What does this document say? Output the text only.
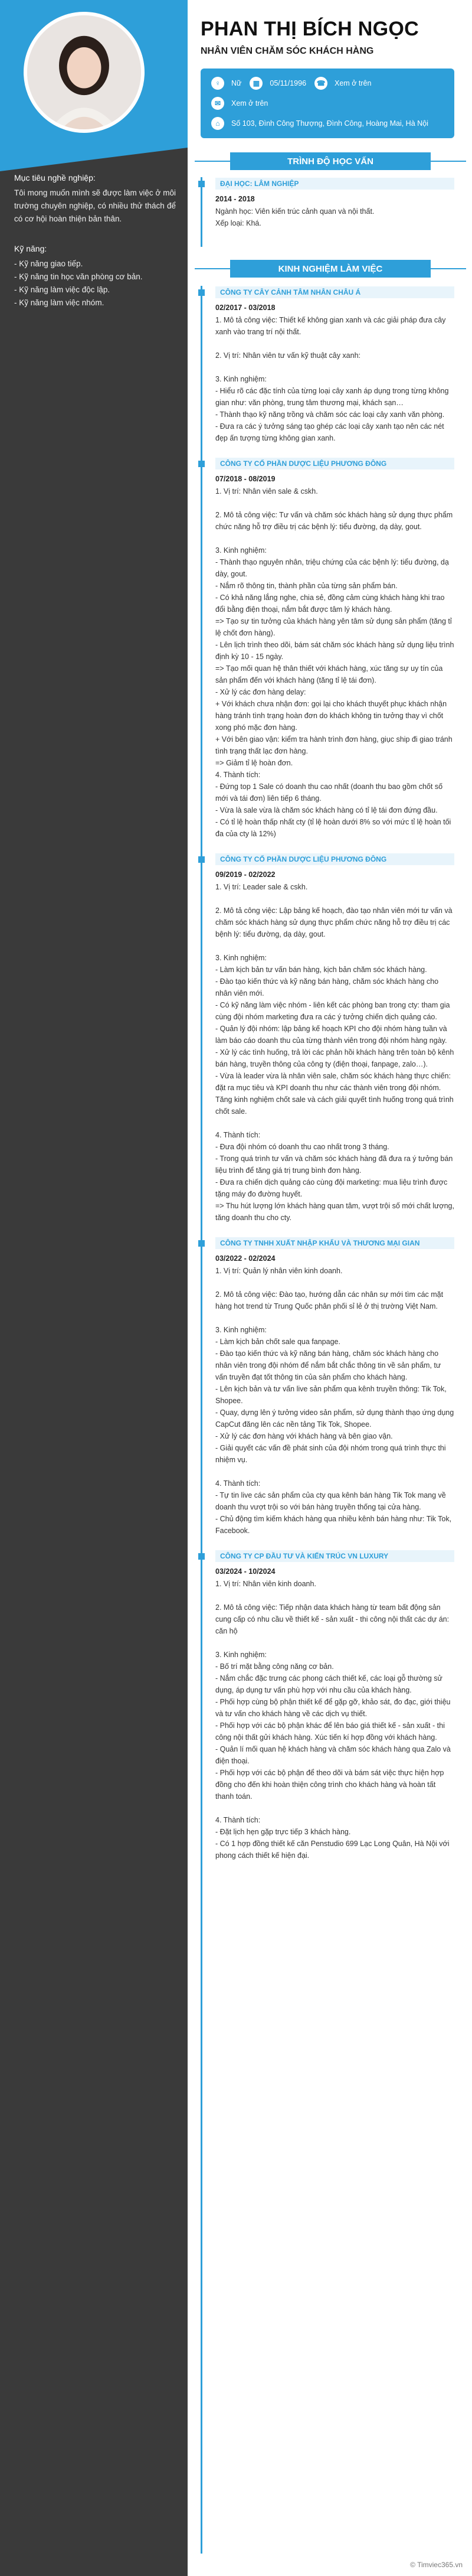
Mục tiêu nghề nghiệp:
Tôi mong muốn mình sẽ được làm việc ở môi trường chuyên nghiệp, có nhiều thử thách để có cơ hội hoàn thiện bản thân.
Kỹ năng:
- Kỹ năng giao tiếp.
- Kỹ năng tin học văn phòng cơ bản.
- Kỹ năng làm việc độc lập.
- Kỹ năng làm việc nhóm.
PHAN THỊ BÍCH NGỌC
NHÂN VIÊN CHĂM SÓC KHÁCH HÀNG
♀	Nữ	▦	05/11/1996 ☎ Xem ở trên
✉	Xem ở trên
⌂	Số 103, Đình Công Thượng, Đình Công, Hoàng Mai, Hà Nội
TRÌNH ĐỘ HỌC VẤN
ĐẠI HỌC: LÂM NGHIỆP
2014 - 2018
Ngành học: Viên kiến trúc cảnh quan và nội thất.
Xếp loại: Khá.
KINH NGHIỆM LÀM VIỆC
CÔNG TY CÂY CẢNH TÂM NHÂN CHÂU Á
02/2017 - 03/2018
1. Mô tả công việc: Thiết kế không gian xanh và các giải pháp đưa cây xanh vào trang trí nội thất.

2. Vị trí: Nhân viên tư vấn kỹ thuật cây xanh:

3. Kinh nghiệm:
- Hiểu rõ các đặc tính của từng loại cây xanh áp dụng trong từng không gian như: văn phòng, trung tâm thương mại, khách sạn…
- Thành thạo kỹ năng trồng và chăm sóc các loại cây xanh văn phòng.
- Đưa ra các ý tưởng sáng tạo ghép các loại cây xanh tạo nên các nét đẹp ấn tượng từng không gian xanh.
CÔNG TY CỔ PHẦN DƯỢC LIỆU PHƯƠNG ĐÔNG
07/2018 - 08/2019
1. Vị trí: Nhân viên sale & cskh.

2. Mô tả công việc: Tư vấn và chăm sóc khách hàng sử dụng thực phẩm chức năng hỗ trợ điều trị các bệnh lý: tiểu đường, dạ dày, gout.

3. Kinh nghiệm:
- Thành thạo nguyên nhân, triệu chứng của các bệnh lý: tiểu đường, dạ dày, gout.
- Nắm rõ thông tin, thành phần của từng sản phẩm bán.
- Có khả năng lắng nghe, chia sẻ, đồng cảm cùng khách hàng khi trao đổi bằng điện thoại, nắm bắt được tâm lý khách hàng.
=> Tạo sự tin tưởng của khách hàng yên tâm sử dụng sản phẩm (tăng tỉ lệ chốt đơn hàng).
- Lên lịch trình theo dõi, bám sát chăm sóc khách hàng sử dụng liệu trình định kỳ 10 - 15 ngày.
=> Tạo mối quan hệ thân thiết với khách hàng, xúc tăng sự uy tín của sản phẩm đến với khách hàng (tăng tỉ lệ tái đơn).
- Xử lý các đơn hàng delay:
+ Với khách chưa nhận đơn: gọi lại cho khách thuyết phục khách nhận hàng tránh tình trạng hoàn đơn do khách không tin tưởng thay vì chốt xong phó mặc đơn hàng.
+ Với bên giao vận: kiểm tra hành trình đơn hàng, giục ship đi giao tránh tình trạng thất lạc đơn hàng.
=> Giảm tỉ lệ hoàn đơn.
4. Thành tích:
- Đứng top 1 Sale có doanh thu cao nhất (doanh thu bao gồm chốt số mới và tái đơn) liên tiếp 6 tháng.
- Vừa là sale vừa là chăm sóc khách hàng có tỉ lệ tái đơn đứng đầu.
- Có tỉ lệ hoàn thấp nhất cty (tỉ lệ hoàn dưới 8% so với mức tỉ lệ hoàn tối đa của cty là 12%)
CÔNG TY CỔ PHẦN DƯỢC LIỆU PHƯƠNG ĐÔNG
09/2019 - 02/2022
1. Vị trí: Leader sale & cskh.

2. Mô tả công việc: Lập bảng kế hoạch, đào tạo nhân viên mới tư vấn và chăm sóc khách hàng sử dụng thực phẩm chức năng hỗ trợ điều trị các bệnh lý: tiểu đường, dạ dày, gout.

3. Kinh nghiệm:
- Làm kịch bản tư vấn bán hàng, kịch bản chăm sóc khách hàng.
- Đào tạo kiến thức và kỹ năng bán hàng, chăm sóc khách hàng cho nhân viên mới.
- Có kỹ năng làm việc nhóm - liên kết các phòng ban trong cty: tham gia cùng đội nhóm marketing đưa ra các ý tưởng chiến dịch quảng cáo.
- Quản lý đội nhóm: lập bảng kế hoạch KPI cho đội nhóm hàng tuần và làm báo cáo doanh thu của từng thành viên trong đội nhóm hàng ngày.
- Xử lý các tình huống, trả lời các phản hồi khách hàng trên toàn bộ kênh bán hàng, truyền thông của công ty (điện thoại, fanpage, zalo…).
- Vừa là leader vừa là nhân viên sale, chăm sóc khách hàng thực chiến: đặt ra mục tiêu và KPI doanh thu như các thành viên trong đội nhóm. Tăng kinh nghiệm chốt sale và cách giải quyết tình huống trong quá trình chốt sale.

4. Thành tích:
- Đưa đội nhóm có doanh thu cao nhất trong 3 tháng.
- Trong quá trình tư vấn và chăm sóc khách hàng đã đưa ra ý tưởng bán liệu trình để tăng giá trị trung bình đơn hàng.
- Đưa ra chiến dịch quảng cáo cùng đội marketing: mua liệu trình được tặng máy đo đường huyết.
=> Thu hút lượng lớn khách hàng quan tâm, vượt trội số mới chất lượng, tăng doanh thu cho cty.
CÔNG TY TNHH XUẤT NHẬP KHẨU VÀ THƯƠNG MẠI GIAN
03/2022 - 02/2024
1. Vị trí: Quản lý nhân viên kinh doanh.

2. Mô tả công việc: Đào tạo, hướng dẫn các nhân sự mới tìm các mặt hàng hot trend từ Trung Quốc phân phối sỉ lẻ ở thị trường Việt Nam.

3. Kinh nghiệm:
- Làm kịch bản chốt sale qua fanpage.
- Đào tạo kiến thức và kỹ năng bán hàng, chăm sóc khách hàng cho nhân viên trong đội nhóm để nắm bắt chắc thông tin về sản phẩm, tư vấn truyền đạt tốt thông tin của sản phẩm cho khách hàng.
- Lên kịch bản và tư vấn live sản phẩm qua kênh truyền thông: Tik Tok, Shopee.
- Quay, dựng lên ý tưởng video sản phẩm, sử dụng thành thạo ứng dụng CapCut đăng lên các nền tảng Tik Tok, Shopee.
- Xử lý các đơn hàng với khách hàng và bên giao vận.
- Giải quyết các vấn đề phát sinh của đội nhóm trong quá trình thực thi nhiệm vụ.

4. Thành tích:
- Tự tin live các sản phẩm của cty qua kênh bán hàng Tik Tok mang về doanh thu vượt trội so với bán hàng truyền thống tại cửa hàng.
- Chủ động tìm kiếm khách hàng qua nhiều kênh bán hàng như: Tik Tok, Facebook.
CÔNG TY CP ĐẦU TƯ VÀ KIẾN TRÚC VN LUXURY
03/2024 - 10/2024
1. Vị trí: Nhân viên kinh doanh.

2. Mô tả công việc: Tiếp nhận data khách hàng từ team bất động sản cung cấp có nhu cầu về thiết kế - sản xuất - thi công nội thất các dự án: căn hộ

3. Kinh nghiệm:
- Bố trí mặt bằng công năng cơ bản.
- Nắm chắc đặc trưng các phong cách thiết kế, các loại gỗ thường sử dụng, áp dụng tư vấn phù hợp với nhu cầu của khách hàng.
- Phối hợp cùng bộ phận thiết kế để gặp gỡ, khảo sát, đo đạc, giới thiệu và tư vấn cho khách hàng về các dịch vụ thiết.
- Phối hợp với các bộ phận khác để lên báo giá thiết kế - sản xuất - thi công nội thất gửi khách hàng. Xúc tiến kí hợp đồng với khách hàng.
- Quản lí mối quan hệ khách hàng và chăm sóc khách hàng qua Zalo và điện thoại.
- Phối hợp với các bộ phận để theo dõi và bám sát việc thực hiện hợp đồng cho đến khi hoàn thiện công trình cho khách hàng và hoàn tất thanh toán.

4. Thành tích:
- Đặt lịch hẹn gặp trực tiếp 3 khách hàng.
- Có 1 hợp đồng thiết kế căn Penstudio 699 Lạc Long Quân, Hà Nội với phong cách thiết kế hiện đại.
© Timviec365.vn
